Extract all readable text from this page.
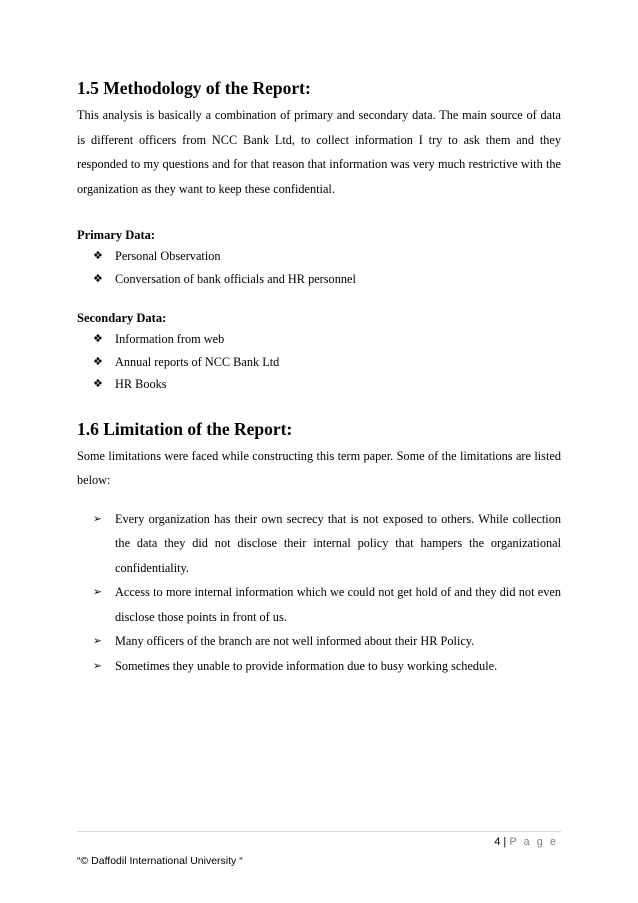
1.5 Methodology of the Report:

This analysis is basically a combination of primary and secondary data. The main source of data is different officers from NCC Bank Ltd, to collect information I try to ask them and they responded to my questions and for that reason that information was very much restrictive with the organization as they want to keep these confidential.

Primary Data:

❖ Personal Observation
❖ Conversation of bank officials and HR personnel

Secondary Data:

❖ Information from web
❖ Annual reports of NCC Bank Ltd
❖ HR Books
1.6 Limitation of the Report:

Some limitations were faced while constructing this term paper. Some of the limitations are listed below:

➢ Every organization has their own secrecy that is not exposed to others. While collection the data they did not disclose their internal policy that hampers the organizational confidentiality.
➢ Access to more internal information which we could not get hold of and they did not even disclose those points in front of us.
➢ Many officers of the branch are not well informed about their HR Policy.
➢ Sometimes they unable to provide information due to busy working schedule.
4 | P a g e
“© Daffodil International University “
